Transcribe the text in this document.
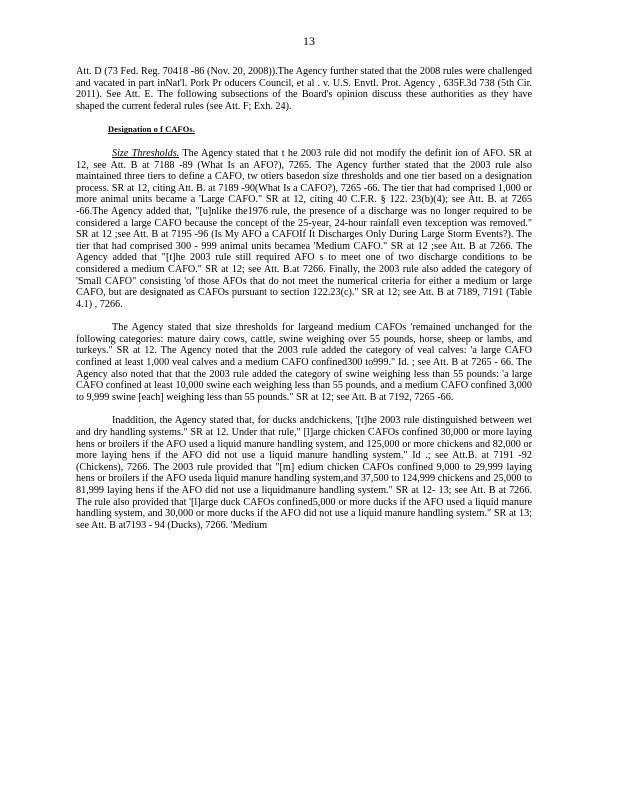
13

Att. D (73 Fed. Reg. 70418 -86 (Nov. 20, 2008)).The Agency further stated that the 2008 rules were challenged and vacated in part inNat'l. Pork Pr oducers Council, et al . v. U.S. Envtl. Prot. Agency , 635F.3d 738 (5th Cir. 2011). See Att. E. The following subsections of the Board's opinion discuss these authorities as they have shaped the current federal rules (see Att. F; Exh. 24).

Designation o f CAFOs.

Size Thresholds. The Agency stated that t he 2003 rule did not modify the definit ion of AFO. SR at 12, see Att. B at 7188 -89 (What Is an AFO?), 7265. The Agency further stated that the 2003 rule also maintained three tiers to define a CAFO, tw otiers basedon size thresholds and one tier based on a designation process. SR at 12, citing Att. B. at 7189 -90(What Is a CAFO?), 7265 -66. The tier that had comprised 1,000 or more animal units became a 'Large CAFO." SR at 12, citing 40 C.F.R. § 122. 23(b)(4); see Att. B. at 7265 -66.The Agency added that, "[u]nlike the1976 rule, the presence of a discharge was no longer required to be considered a large CAFO because the concept of the 25-year, 24-hour rainfall even texception was removed." SR at 12 ;see Att. B at 7195 -96 (Is My AFO a CAFOIf It Discharges Only During Large Storm Events?). The tier that had comprised 300 - 999 animal units becamea 'Medium CAFO." SR at 12 ;see Att. B at 7266. The Agency added that "[t]he 2003 rule still required AFO s to meet one of two discharge conditions to be considered a medium CAFO." SR at 12; see Att. B.at 7266. Finally, the 2003 rule also added the category of 'Small CAFO" consisting 'of those AFOs that do not meet the numerical criteria for either a medium or large CAFO, but are designated as CAFOs pursuant to section 122.23(c)." SR at 12; see Att. B at 7189, 7191 (Table 4.1) , 7266.

The Agency stated that size thresholds for largeand medium CAFOs 'remained unchanged for the following categories: mature dairy cows, cattle, swine weighing over 55 pounds, horse, sheep or lambs, and turkeys." SR at 12. The Agency noted that the 2003 rule added the category of veal calves: 'a large CAFO confined at least 1,000 veal calves and a medium CAFO confined300 to999." Id. ; see Att. B at 7265 - 66. The Agency also noted that that the 2003 rule added the category of swine weighing less than 55 pounds: 'a large CAFO confined at least 10,000 swine each weighing less than 55 pounds, and a medium CAFO confined 3,000 to 9,999 swine [each] weighing less than 55 pounds." SR at 12; see Att. B at 7192, 7265 -66.

Inaddition, the Agency stated that, for ducks andchickens, '[t]he 2003 rule distinguished between wet and dry handling systems." SR at 12. Under that rule," [l]arge chicken CAFOs confined 30,000 or more laying hens or broilers if the AFO used a liquid manure handling system, and 125,000 or more chickens and 82,000 or more laying hens if the AFO did not use a liquid manure handling system." Id .; see Att.B. at 7191 -92 (Chickens), 7266. The 2003 rule provided that "[m] edium chicken CAFOs confined 9,000 to 29,999 laying hens or broilers if the AFO useda liquid manure handling system,and 37,500 to 124,999 chickens and 25,000 to 81,999 laying hens if the AFO did not use a liquidmanure handling system." SR at 12- 13; see Att. B at 7266. The rule also provided that '[l]arge duck CAFOs confined5,000 or more ducks if the AFO used a liquid manure handling system, and 30,000 or more ducks if the AFO did not use a liquid manure handling system." SR at 13; see Att. B at7193 - 94 (Ducks), 7266. 'Medium
